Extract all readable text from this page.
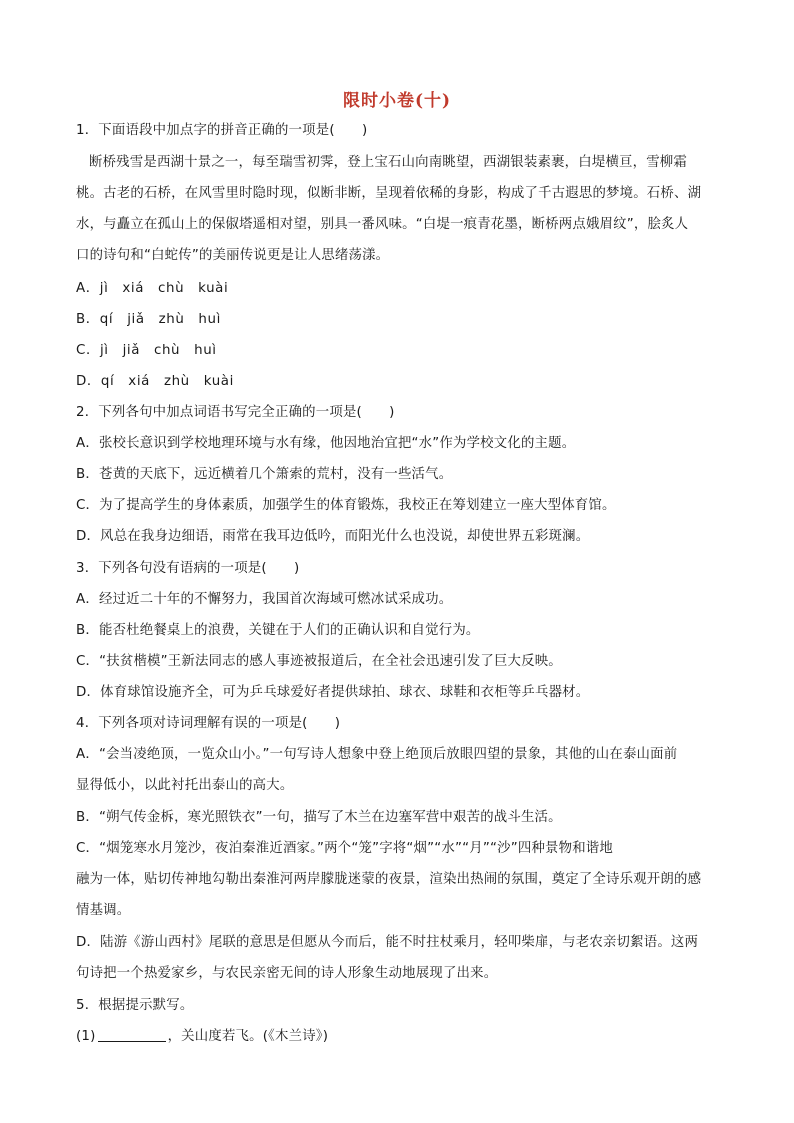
限时小卷(十)
1．下面语段中加点字的拼音正确的一项是(　　)
断桥残雪是西湖十景之一，每至瑞雪初霁，登上宝石山向南眺望，西湖银装素裹，白堤横亘，雪柳霜
桃。古老的石桥，在风雪里时隐时现，似断非断，呈现着依稀的身影，构成了千古遐思的梦境。石桥、湖
水，与矗立在孤山上的保俶塔遥相对望，别具一番风味。“白堤一痕青花墨，断桥两点娥眉纹”，脍炙人
口的诗句和“白蛇传”的美丽传说更是让人思绪荡漾。
A．jì　xiá　chù　kuài
B．qí　jiǎ　zhù　huì
C．jì　jiǎ　chù　huì
D．qí　xiá　zhù　kuài
2．下列各句中加点词语书写完全正确的一项是(　　)
A．张校长意识到学校地理环境与水有缘，他因地治宜把“水”作为学校文化的主题。
B．苍黄的天底下，远近横着几个箫索的荒村，没有一些活气。
C．为了提高学生的身体素质，加强学生的体育锻炼，我校正在筹划建立一座大型体育馆。
D．风总在我身边细语，雨常在我耳边低吟，而阳光什么也没说，却使世界五彩斑澜。
3．下列各句没有语病的一项是(　　)
A．经过近二十年的不懈努力，我国首次海域可燃冰试采成功。
B．能否杜绝餐桌上的浪费，关键在于人们的正确认识和自觉行为。
C．“扶贫楷模”王新法同志的感人事迹被报道后，在全社会迅速引发了巨大反映。
D．体育球馆设施齐全，可为乒乓球爱好者提供球拍、球衣、球鞋和衣柜等乒乓器材。
4．下列各项对诗词理解有误的一项是(　　)
A．“会当凌绝顶，一览众山小。”一句写诗人想象中登上绝顶后放眼四望的景象，其他的山在泰山面前
显得低小，以此衬托出泰山的高大。
B．“朔气传金柝，寒光照铁衣”一句，描写了木兰在边塞军营中艰苦的战斗生活。
C．“烟笼寒水月笼沙，夜泊秦淮近酒家。”两个“笼”字将“烟”“水”“月”“沙”四种景物和谐地
融为一体，贴切传神地勾勒出秦淮河两岸朦胧迷蒙的夜景，渲染出热闹的氛围，奠定了全诗乐观开朗的感
情基调。
D．陆游《游山西村》尾联的意思是但愿从今而后，能不时拄杖乘月，轻叩柴扉，与老农亲切絮语。这两
句诗把一个热爱家乡，与农民亲密无间的诗人形象生动地展现了出来。
5．根据提示默写。
(1)	，关山度若飞。(《木兰诗》)
